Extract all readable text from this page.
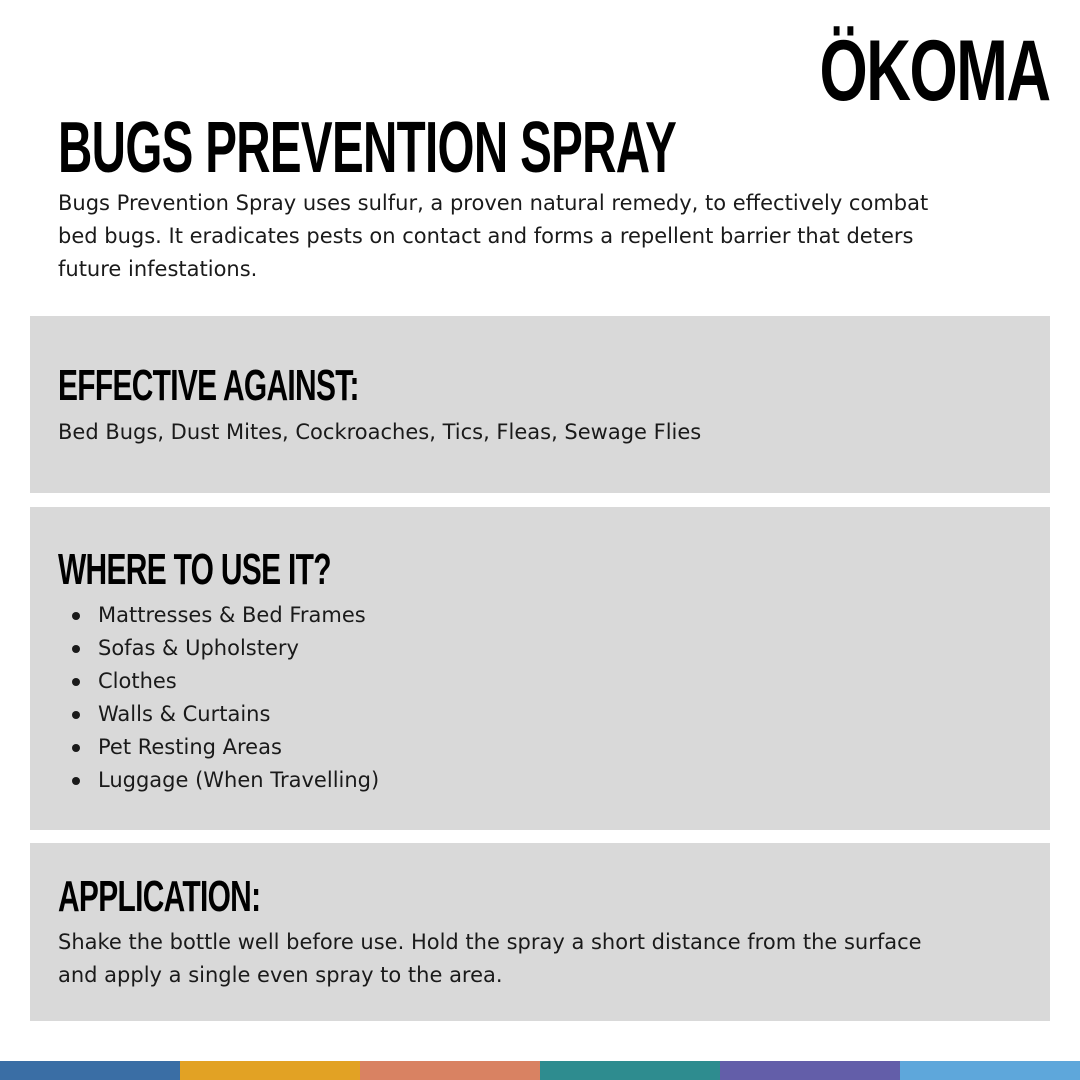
ÖKOMA
BUGS PREVENTION SPRAY

Bugs Prevention Spray uses sulfur, a proven natural remedy, to effectively combat bed bugs. It eradicates pests on contact and forms a repellent barrier that deters future infestations.

EFFECTIVE AGAINST:

Bed Bugs, Dust Mites, Cockroaches, Tics, Fleas, Sewage Flies

WHERE TO USE IT?
Mattresses & Bed Frames
Sofas & Upholstery
Clothes
Walls & Curtains
Pet Resting Areas
Luggage (When Travelling)
APPLICATION:

Shake the bottle well before use. Hold the spray a short distance from the surface and apply a single even spray to the area.
